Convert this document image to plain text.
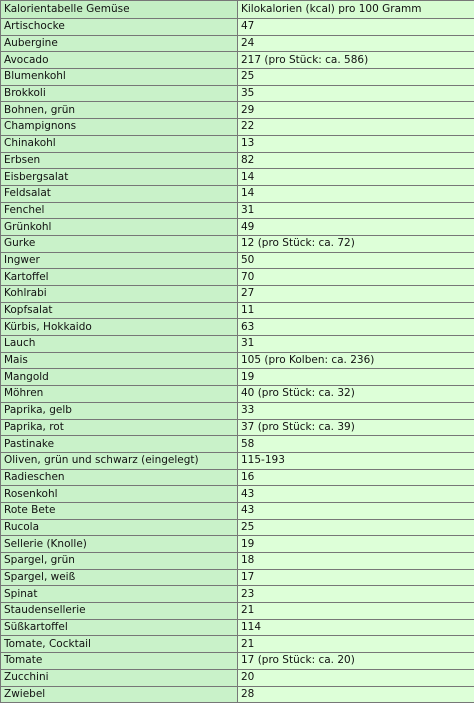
Kalorientabelle Gemüse	Kilokalorien (kcal) pro 100 Gramm
Artischocke	47
Aubergine	24
Avocado	217 (pro Stück: ca. 586)
Blumenkohl	25
Brokkoli	35
Bohnen, grün	29
Champignons	22
Chinakohl	13
Erbsen	82
Eisbergsalat	14
Feldsalat	14
Fenchel	31
Grünkohl	49
Gurke	12 (pro Stück: ca. 72)
Ingwer	50
Kartoffel	70
Kohlrabi	27
Kopfsalat	11
Kürbis, Hokkaido	63
Lauch	31
Mais	105 (pro Kolben: ca. 236)
Mangold	19
Möhren	40 (pro Stück: ca. 32)
Paprika, gelb	33
Paprika, rot	37 (pro Stück: ca. 39)
Pastinake	58
Oliven, grün und schwarz (eingelegt)	115-193
Radieschen	16
Rosenkohl	43
Rote Bete	43
Rucola	25
Sellerie (Knolle)	19
Spargel, grün	18
Spargel, weiß	17
Spinat	23
Staudensellerie	21
Süßkartoffel	114
Tomate, Cocktail	21
Tomate	17 (pro Stück: ca. 20)
Zucchini	20
Zwiebel	28
